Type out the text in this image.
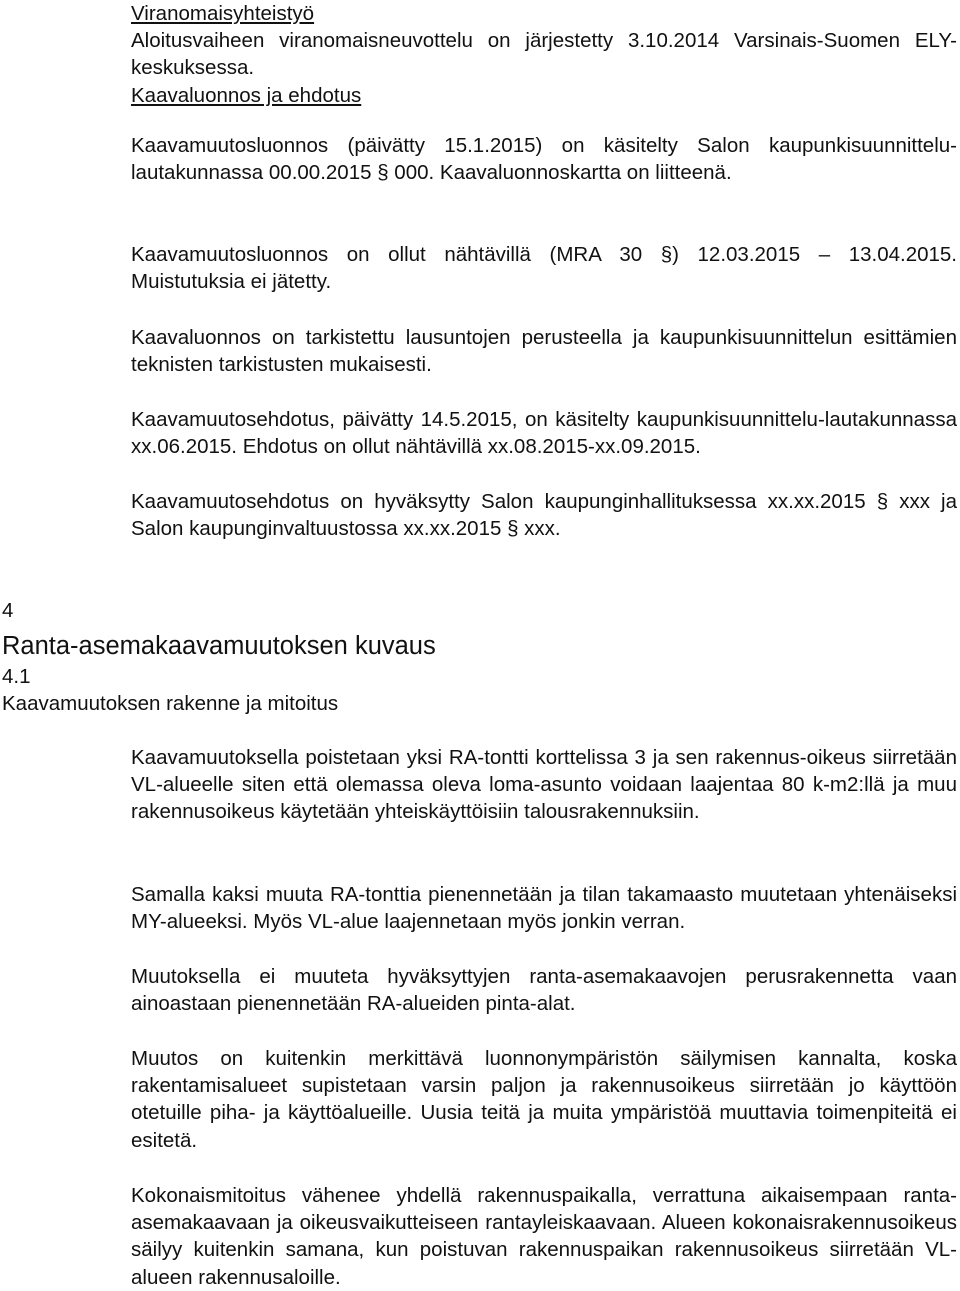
Viranomaisyhteistyö

Aloitusvaiheen viranomaisneuvottelu on järjestetty 3.10.2014 Varsinais-Suomen ELY-keskuksessa.

Kaavaluonnos ja ehdotus

Kaavamuutosluonnos (päivätty 15.1.2015) on käsitelty Salon kaupunkisuunnittelu-lautakunnassa 00.00.2015 § 000. Kaavaluonnoskartta on liitteenä.

Kaavamuutosluonnos on ollut nähtävillä (MRA 30 §) 12.03.2015 – 13.04.2015. Muistutuksia ei jätetty.

Kaavaluonnos on tarkistettu lausuntojen perusteella ja kaupunkisuunnittelun esittämien teknisten tarkistusten mukaisesti.

Kaavamuutosehdotus, päivätty 14.5.2015, on käsitelty kaupunkisuunnittelu-lautakunnassa xx.06.2015. Ehdotus on ollut nähtävillä xx.08.2015-xx.09.2015.

Kaavamuutosehdotus on hyväksytty Salon kaupunginhallituksessa xx.xx.2015 § xxx ja Salon kaupunginvaltuustossa xx.xx.2015 § xxx.

4
Ranta-asemakaavamuutoksen kuvaus
4.1
Kaavamuutoksen rakenne ja mitoitus

Kaavamuutoksella poistetaan yksi RA-tontti korttelissa 3 ja sen rakennus-oikeus siirretään VL-alueelle siten että olemassa oleva loma-asunto voidaan laajentaa 80 k-m2:llä ja muu rakennusoikeus käytetään yhteiskäyttöisiin talousrakennuksiin.

Samalla kaksi muuta RA-tonttia pienennetään ja tilan takamaasto muutetaan yhtenäiseksi MY-alueeksi. Myös VL-alue laajennetaan myös jonkin verran.

Muutoksella ei muuteta hyväksyttyjen ranta-asemakaavojen perusrakennetta vaan ainoastaan pienennetään RA-alueiden pinta-alat.

Muutos on kuitenkin merkittävä luonnonympäristön säilymisen kannalta, koska rakentamisalueet supistetaan varsin paljon ja rakennusoikeus siirretään jo käyttöön otetuille piha- ja käyttöalueille. Uusia teitä ja muita ympäristöä muuttavia toimenpiteitä ei esitetä.

Kokonaismitoitus vähenee yhdellä rakennuspaikalla, verrattuna aikaisempaan ranta-asemakaavaan ja oikeusvaikutteiseen rantayleiskaavaan. Alueen kokonaisrakennusoikeus säilyy kuitenkin samana, kun poistuvan rakennuspaikan rakennusoikeus siirretään VL-alueen rakennusaloille.
